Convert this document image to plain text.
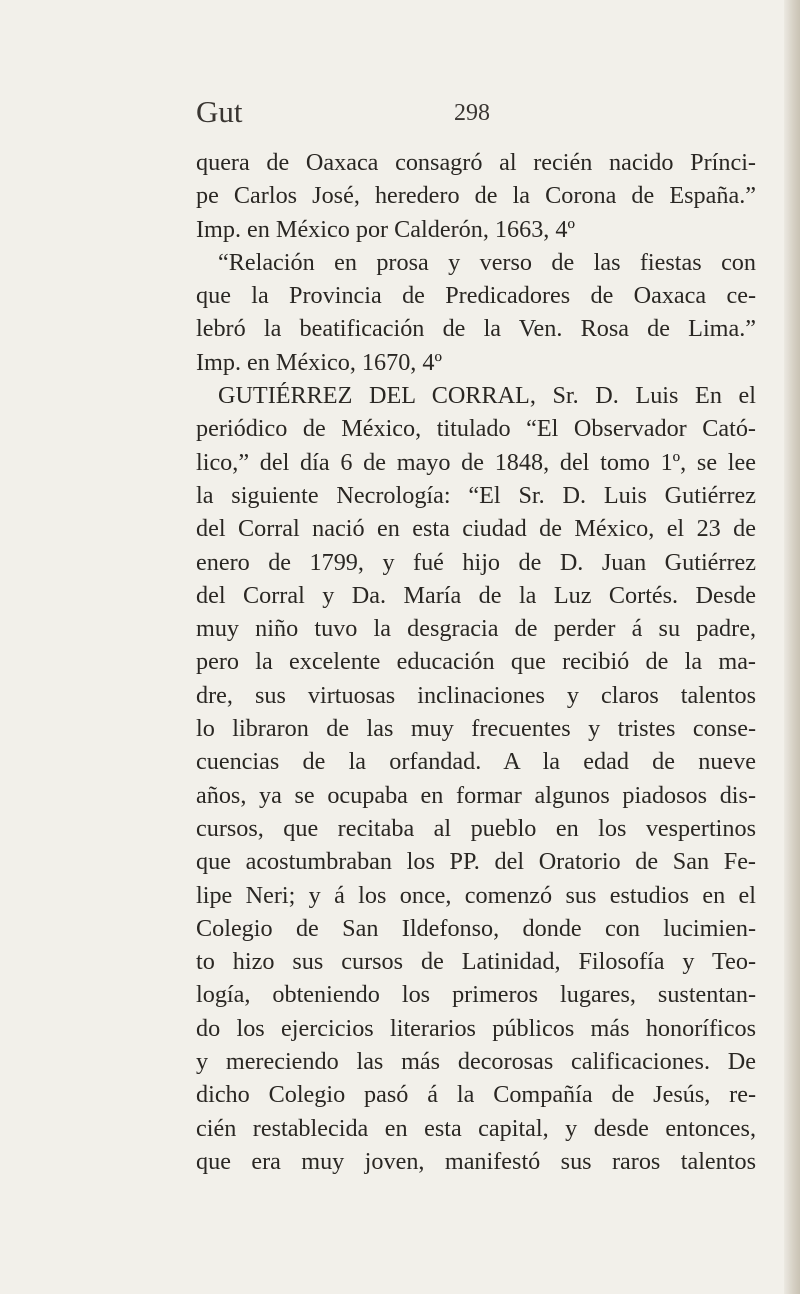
Gut	298
quera de Oaxaca consagró al recién nacido Prínci-
pe Carlos José, heredero de la Corona de España.”
Imp. en México por Calderón, 1663, 4º
“Relación en prosa y verso de las fiestas con
que la Provincia de Predicadores de Oaxaca ce-
lebró la beatificación de la Ven. Rosa de Lima.”
Imp. en México, 1670, 4º
GUTIÉRREZ DEL CORRAL, Sr. D. Luis En el
periódico de México, titulado “El Observador Cató-
lico,” del día 6 de mayo de 1848, del tomo 1º, se lee
la siguiente Necrología: “El Sr. D. Luis Gutiérrez
del Corral nació en esta ciudad de México, el 23 de
enero de 1799, y fué hijo de D. Juan Gutiérrez
del Corral y Da. María de la Luz Cortés. Desde
muy niño tuvo la desgracia de perder á su padre,
pero la excelente educación que recibió de la ma-
dre, sus virtuosas inclinaciones y claros talentos
lo libraron de las muy frecuentes y tristes conse-
cuencias de la orfandad. A la edad de nueve
años, ya se ocupaba en formar algunos piadosos dis-
cursos, que recitaba al pueblo en los vespertinos
que acostumbraban los PP. del Oratorio de San Fe-
lipe Neri; y á los once, comenzó sus estudios en el
Colegio de San Ildefonso, donde con lucimien-
to hizo sus cursos de Latinidad, Filosofía y Teo-
logía, obteniendo los primeros lugares, sustentan-
do los ejercicios literarios públicos más honoríficos
y mereciendo las más decorosas calificaciones. De
dicho Colegio pasó á la Compañía de Jesús, re-
cién restablecida en esta capital, y desde entonces,
que era muy joven, manifestó sus raros talentos
